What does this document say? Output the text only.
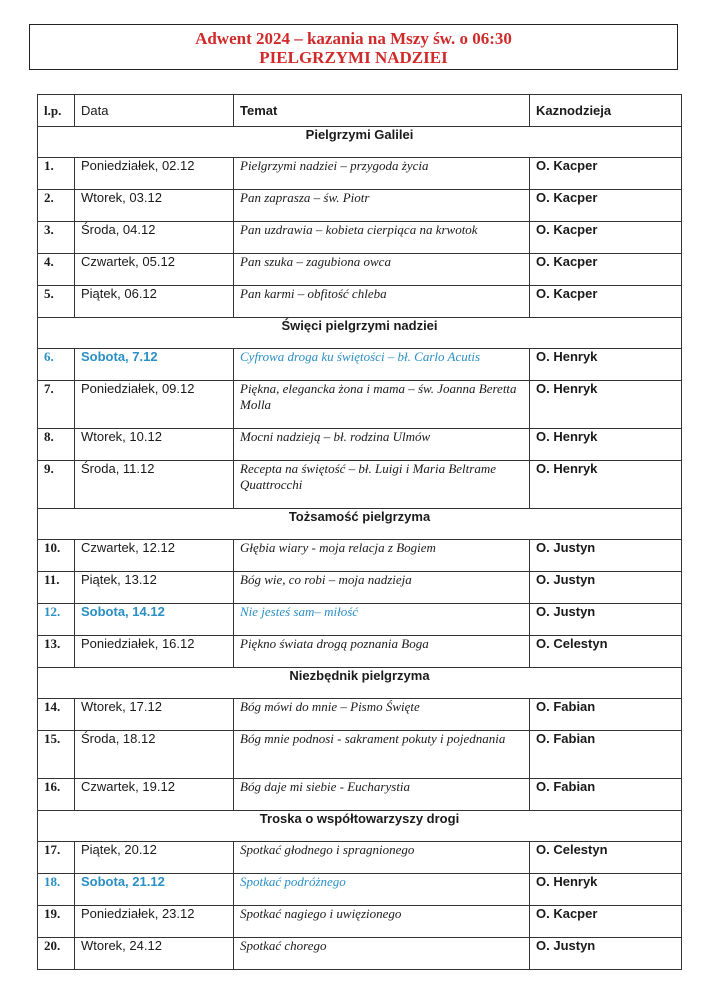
Adwent 2024 – kazania na Mszy św. o 06:30
PIELGRZYMI NADZIEI
l.p.	Data	Temat	Kaznodzieja
Pielgrzymi Galilei			
1.	Poniedziałek, 02.12	Pielgrzymi nadziei – przygoda życia	O. Kacper
2.	Wtorek, 03.12	Pan zaprasza – św. Piotr	O. Kacper
3.	Środa, 04.12	Pan uzdrawia – kobieta cierpiąca na krwotok	O. Kacper
4.	Czwartek, 05.12	Pan szuka – zagubiona owca	O. Kacper
5.	Piątek, 06.12	Pan karmi – obfitość chleba	O. Kacper
Święci pielgrzymi nadziei			
6.	Sobota, 7.12	Cyfrowa droga ku świętości – bł. Carlo Acutis	O. Henryk
7.	Poniedziałek, 09.12	Piękna, elegancka żona i mama – św. Joanna Beretta Molla	O. Henryk
8.	Wtorek, 10.12	Mocni nadzieją – bł. rodzina Ulmów	O. Henryk
9.	Środa, 11.12	Recepta na świętość – bł. Luigi i Maria Beltrame Quattrocchi	O. Henryk
Tożsamość pielgrzyma			
10.	Czwartek, 12.12	Głębia wiary - moja relacja z Bogiem	O. Justyn
11.	Piątek, 13.12	Bóg wie, co robi – moja nadzieja	O. Justyn
12.	Sobota, 14.12	Nie jesteś sam– miłość	O. Justyn
13.	Poniedziałek, 16.12	Piękno świata drogą poznania Boga	O. Celestyn
Niezbędnik pielgrzyma			
14.	Wtorek, 17.12	Bóg mówi do mnie – Pismo Święte	O. Fabian
15.	Środa, 18.12	Bóg mnie podnosi - sakrament pokuty i pojednania	O. Fabian
16.	Czwartek, 19.12	Bóg daje mi siebie - Eucharystia	O. Fabian
Troska o współtowarzyszy drogi			
17.	Piątek, 20.12	Spotkać głodnego i spragnionego	O. Celestyn
18.	Sobota, 21.12	Spotkać podróżnego	O. Henryk
19.	Poniedziałek, 23.12	Spotkać nagiego i uwięzionego	O. Kacper
20.	Wtorek, 24.12	Spotkać chorego	O. Justyn
